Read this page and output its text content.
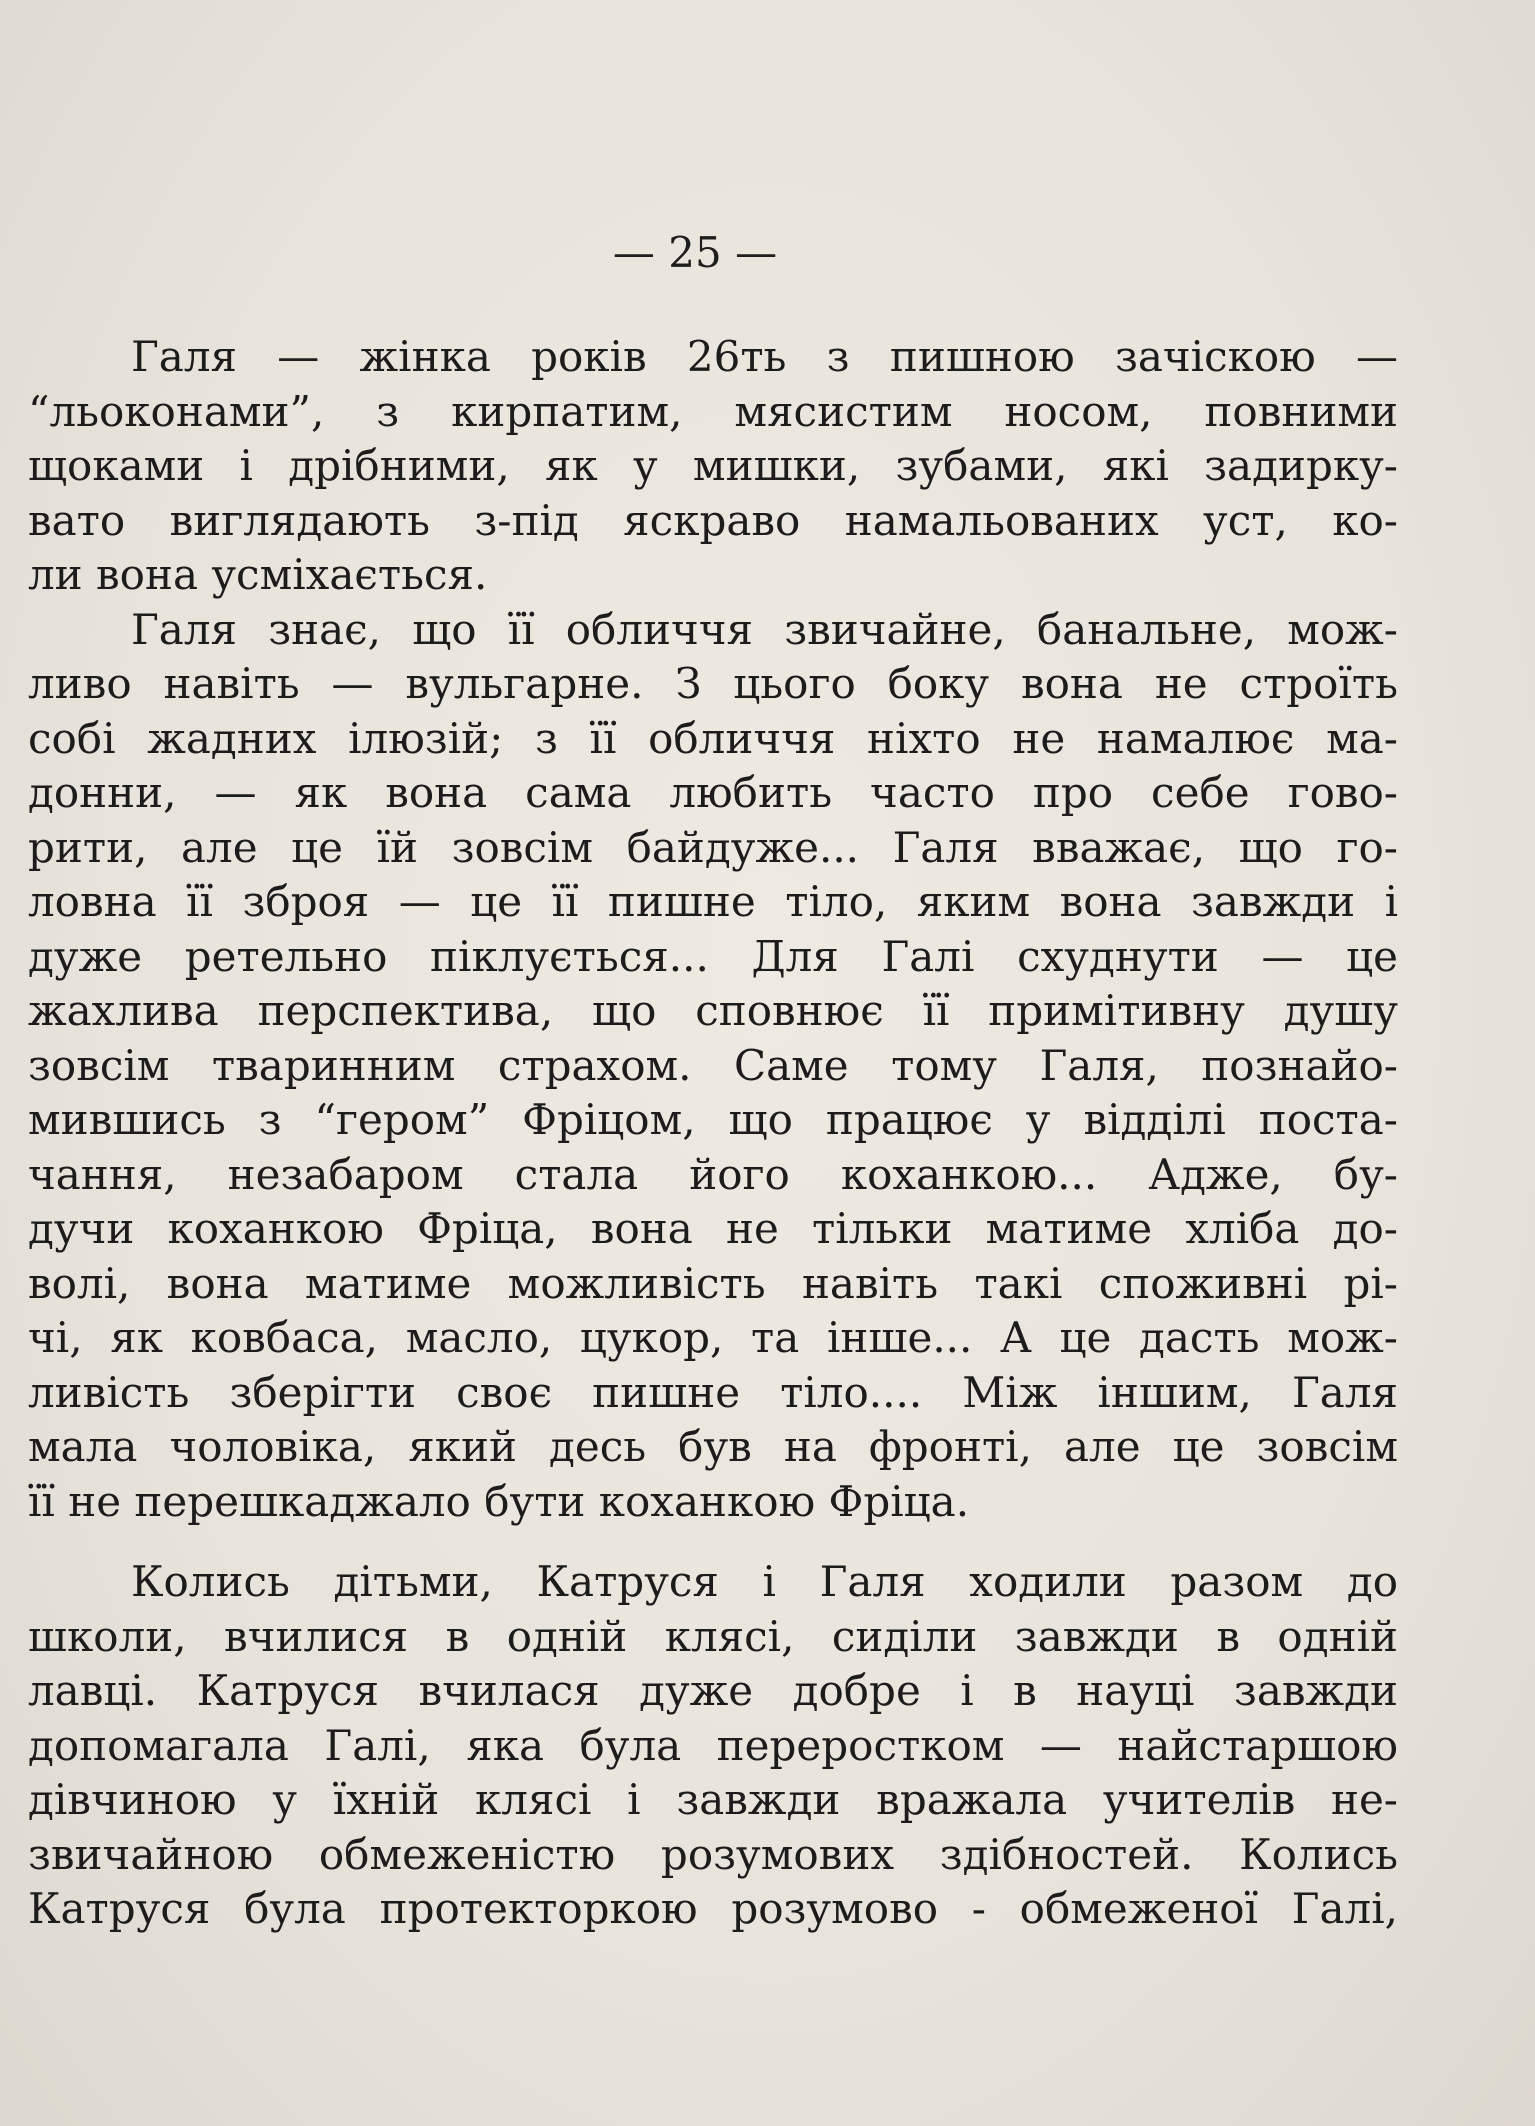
— 25 —
Галя — жінка років 26ть з пишною зачіскою —
“льоконами”, з кирпатим, мясистим носом, повними
щоками і дрібними, як у мишки, зубами, які задирку-
вато виглядають з-під яскраво намальованих уст, ко-
ли вона усміхається.
Галя знає, що її обличчя звичайне, банальне, мож-
ливо навіть — вульгарне. З цього боку вона не строїть
собі жадних ілюзій; з її обличчя ніхто не намалює ма-
донни, — як вона сама любить часто про себе гово-
рити, але це їй зовсім байдуже... Галя вважає, що го-
ловна її зброя — це її пишне тіло, яким вона завжди і
дуже ретельно піклується... Для Галі схуднути — це
жахлива перспектива, що сповнює її примітивну душу
зовсім тваринним страхом. Саме тому Галя, познайо-
мившись з “гером” Фріцом, що працює у відділі поста-
чання, незабаром стала його коханкою... Адже, бу-
дучи коханкою Фріца, вона не тільки матиме хліба до-
волі, вона матиме можливість навіть такі споживні рі-
чі, як ковбаса, масло, цукор, та інше... А це дасть мож-
ливість зберігти своє пишне тіло.... Між іншим, Галя
мала чоловіка, який десь був на фронті, але це зовсім
її не перешкаджало бути коханкою Фріца.
Колись дітьми, Катруся і Галя ходили разом до
школи, вчилися в одній клясі, сиділи завжди в одній
лавці. Катруся вчилася дуже добре і в науці завжди
допомагала Галі, яка була переростком — найстаршою
дівчиною у їхній клясі і завжди вражала учителів не-
звичайною обмеженістю розумових здібностей. Колись
Катруся була протекторкою розумово - обмеженої Галі,
